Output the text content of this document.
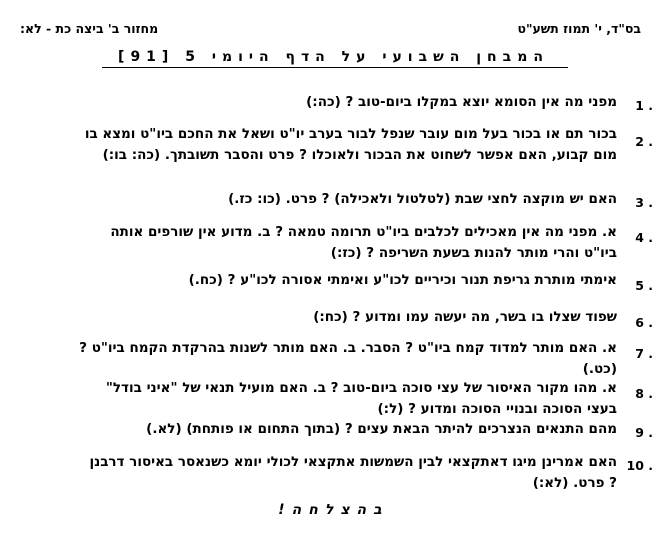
בס"ד, י' תמוז תשע"ט
מחזור ב' ביצה כת - לא:
המבחן השבועי על הדף היומי 5 [91]
1 .
מפני מה אין הסומא יוצא במקלו ביום-טוב ? (כה:)
2 .
בכור תם או בכור בעל מום עובר שנפל לבור בערב יו"ט ושאל את החכם ביו"ט ומצא בו
מום קבוע, האם אפשר לשחוט את הבכור ולאוכלו ? פרט והסבר תשובתך. (כה: בו:)
3 .
האם יש מוקצה לחצי שבת (לטלטול ולאכילה) ? פרט. (כו: כז.)
4 .
א. מפני מה אין מאכילים לכלבים ביו"ט תרומה טמאה ? ב. מדוע אין שורפים אותה
ביו"ט והרי מותר להנות בשעת השריפה ? (כז:)
5 .
אימתי מותרת גריפת תנור וכיריים לכו"ע ואימתי אסורה לכו"ע ? (כח.)
6 .
שפוד שצלו בו בשר, מה יעשה עמו ומדוע ? (כח:)
7 .
א. האם מותר למדוד קמח ביו"ט ? הסבר. ב. האם מותר לשנות בהרקדת הקמח ביו"ט ?
(כט.)
8 .
א. מהו מקור האיסור של עצי סוכה ביום-טוב ? ב. האם מועיל תנאי של "איני בודל"
בעצי הסוכה ובנויי הסוכה ומדוע ? (ל:)
9 .
מהם התנאים הנצרכים להיתר הבאת עצים ? (בתוך התחום או פותחת) (לא.)
10 .
האם אמרינן מיגו דאתקצאי לבין השמשות אתקצאי לכולי יומא כשנאסר באיסור דרבנן
? פרט. (לא:)
בהצלחה!
